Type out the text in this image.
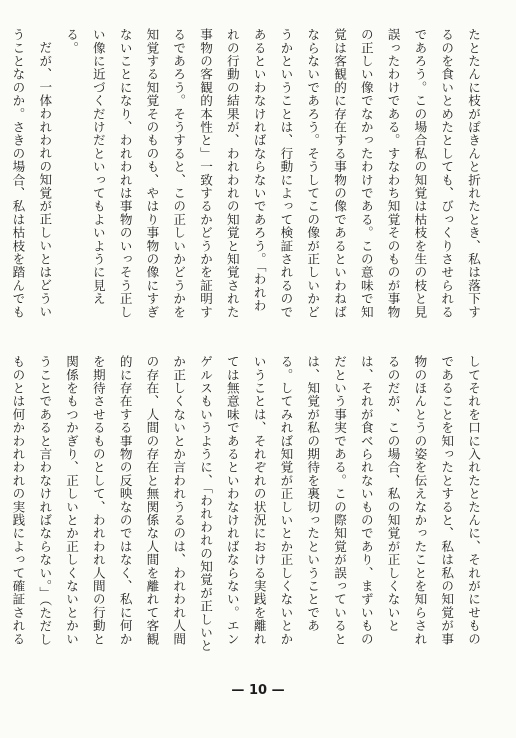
たとたんに枝がぽきんと折れたとき、私は落下するのを食いとめたとしても、びっくりさせられるであろう。この場合私の知覚は枯枝を生の枝と見誤ったわけである。すなわち知覚そのものが事物の正しい像でなかったわけである。この意味で知覚は客観的に存在する事物の像であるといわねばならないであろう。そうしてこの像が正しいかどうかということは、行動によって検証されるのであるといわなければならないであろう。「われわれの行動の結果が、われわれの知覚と知覚された事物の客観的本性と」一致するかどうかを証明するであろう。そうすると、この正しいかどうかを知覚する知覚そのものも、やはり事物の像にすぎないことになり、われわれは事物のいっそう正しい像に近づくだけだといってもよいように見える。

だが、一体われわれの知覚が正しいとはどういうことなのか。さきの場合、私は枯枝を踏んでも

してそれを口に入れたとたんに、それがにせものであることを知ったとすると、私は私の知覚が事物のほんとうの姿を伝えなかったことを知らされるのだが、この場合、私の知覚が正しくないとは、それが食べられないものであり、まずいものだという事実である。この際知覚が誤っているとは、知覚が私の期待を裏切ったということである。してみれば知覚が正しいとか正しくないとかいうことは、それぞれの状況における実践を離れては無意味であるといわなければならない。エンゲルスもいうように、「われわれの知覚が正しいとか正しくないとか言われうるのは、われわれ人間の存在、人間の存在と無関係な人間を離れて客観的に存在する事物の反映なのではなく、私に何かを期待させるものとして、われわれ人間の行動と関係をもつかぎり、正しいとか正しくないとかいうことであると言わなければならない。」（ただしものとは何かわれわれの実践によって確証される

— 10 —
